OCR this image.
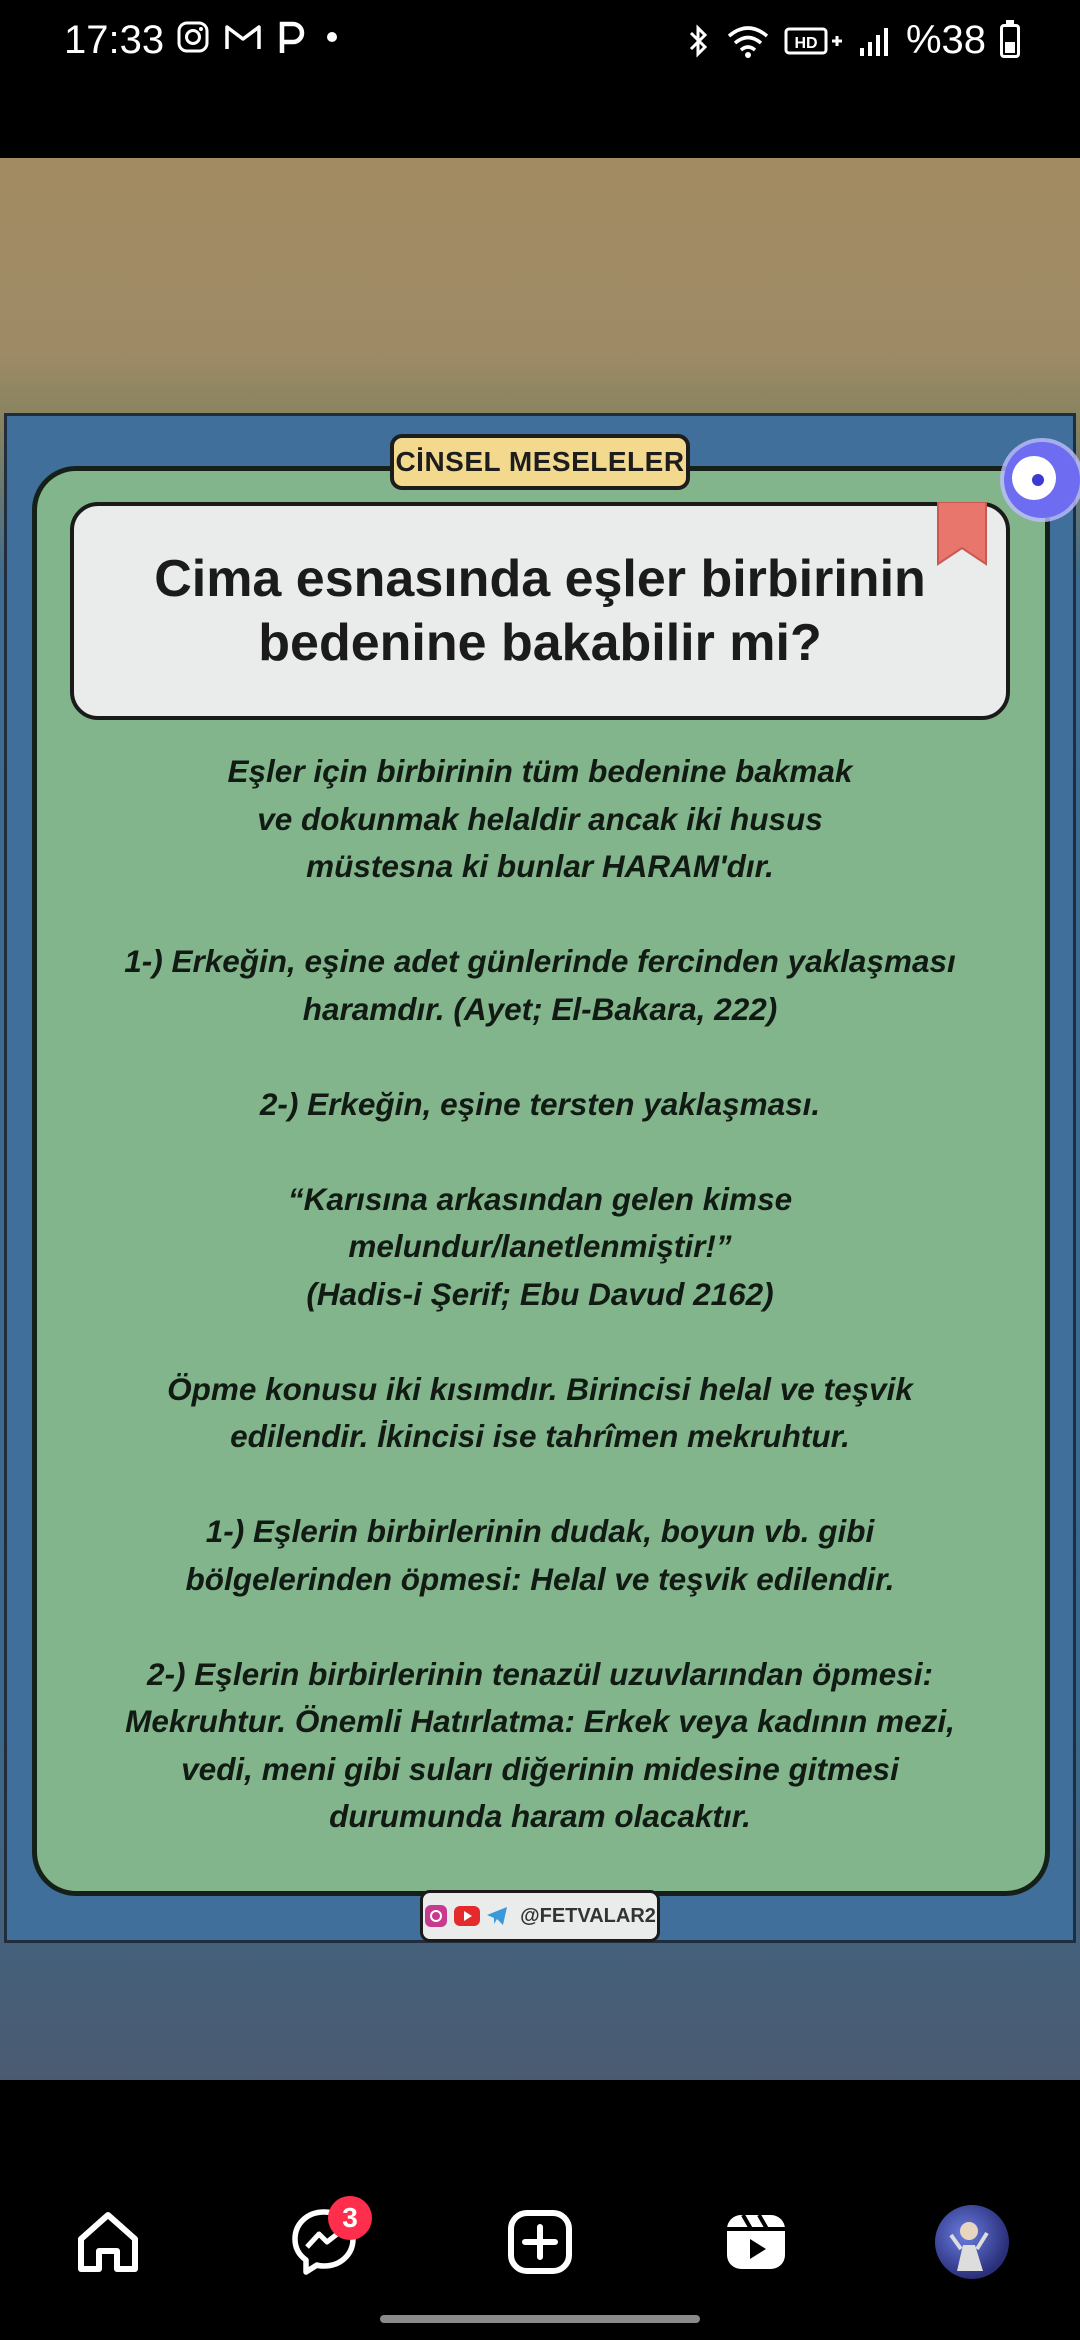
17:33	HD %38
CİNSEL MESELELER
Cima esnasında eşler birbirinin
bedenine bakabilir mi?

Eşler için birbirinin tüm bedenine bakmak
ve dokunmak helaldir ancak iki husus
müstesna ki bunlar HARAM'dır.

1-) Erkeğin, eşine adet günlerinde fercinden yaklaşması
haramdır. (Ayet; El-Bakara, 222)

2-) Erkeğin, eşine tersten yaklaşması.

“Karısına arkasından gelen kimse
melundur/lanetlenmiştir!”
(Hadis-i Şerif; Ebu Davud 2162)

Öpme konusu iki kısımdır. Birincisi helal ve teşvik
edilendir. İkincisi ise tahrîmen mekruhtur.

1-) Eşlerin birbirlerinin dudak, boyun vb. gibi
bölgelerinden öpmesi: Helal ve teşvik edilendir.

2-) Eşlerin birbirlerinin tenazül uzuvlarından öpmesi:
Mekruhtur. Önemli Hatırlatma: Erkek veya kadının mezi,
vedi, meni gibi suları diğerinin midesine gitmesi
durumunda haram olacaktır.

@FETVALAR2
3
